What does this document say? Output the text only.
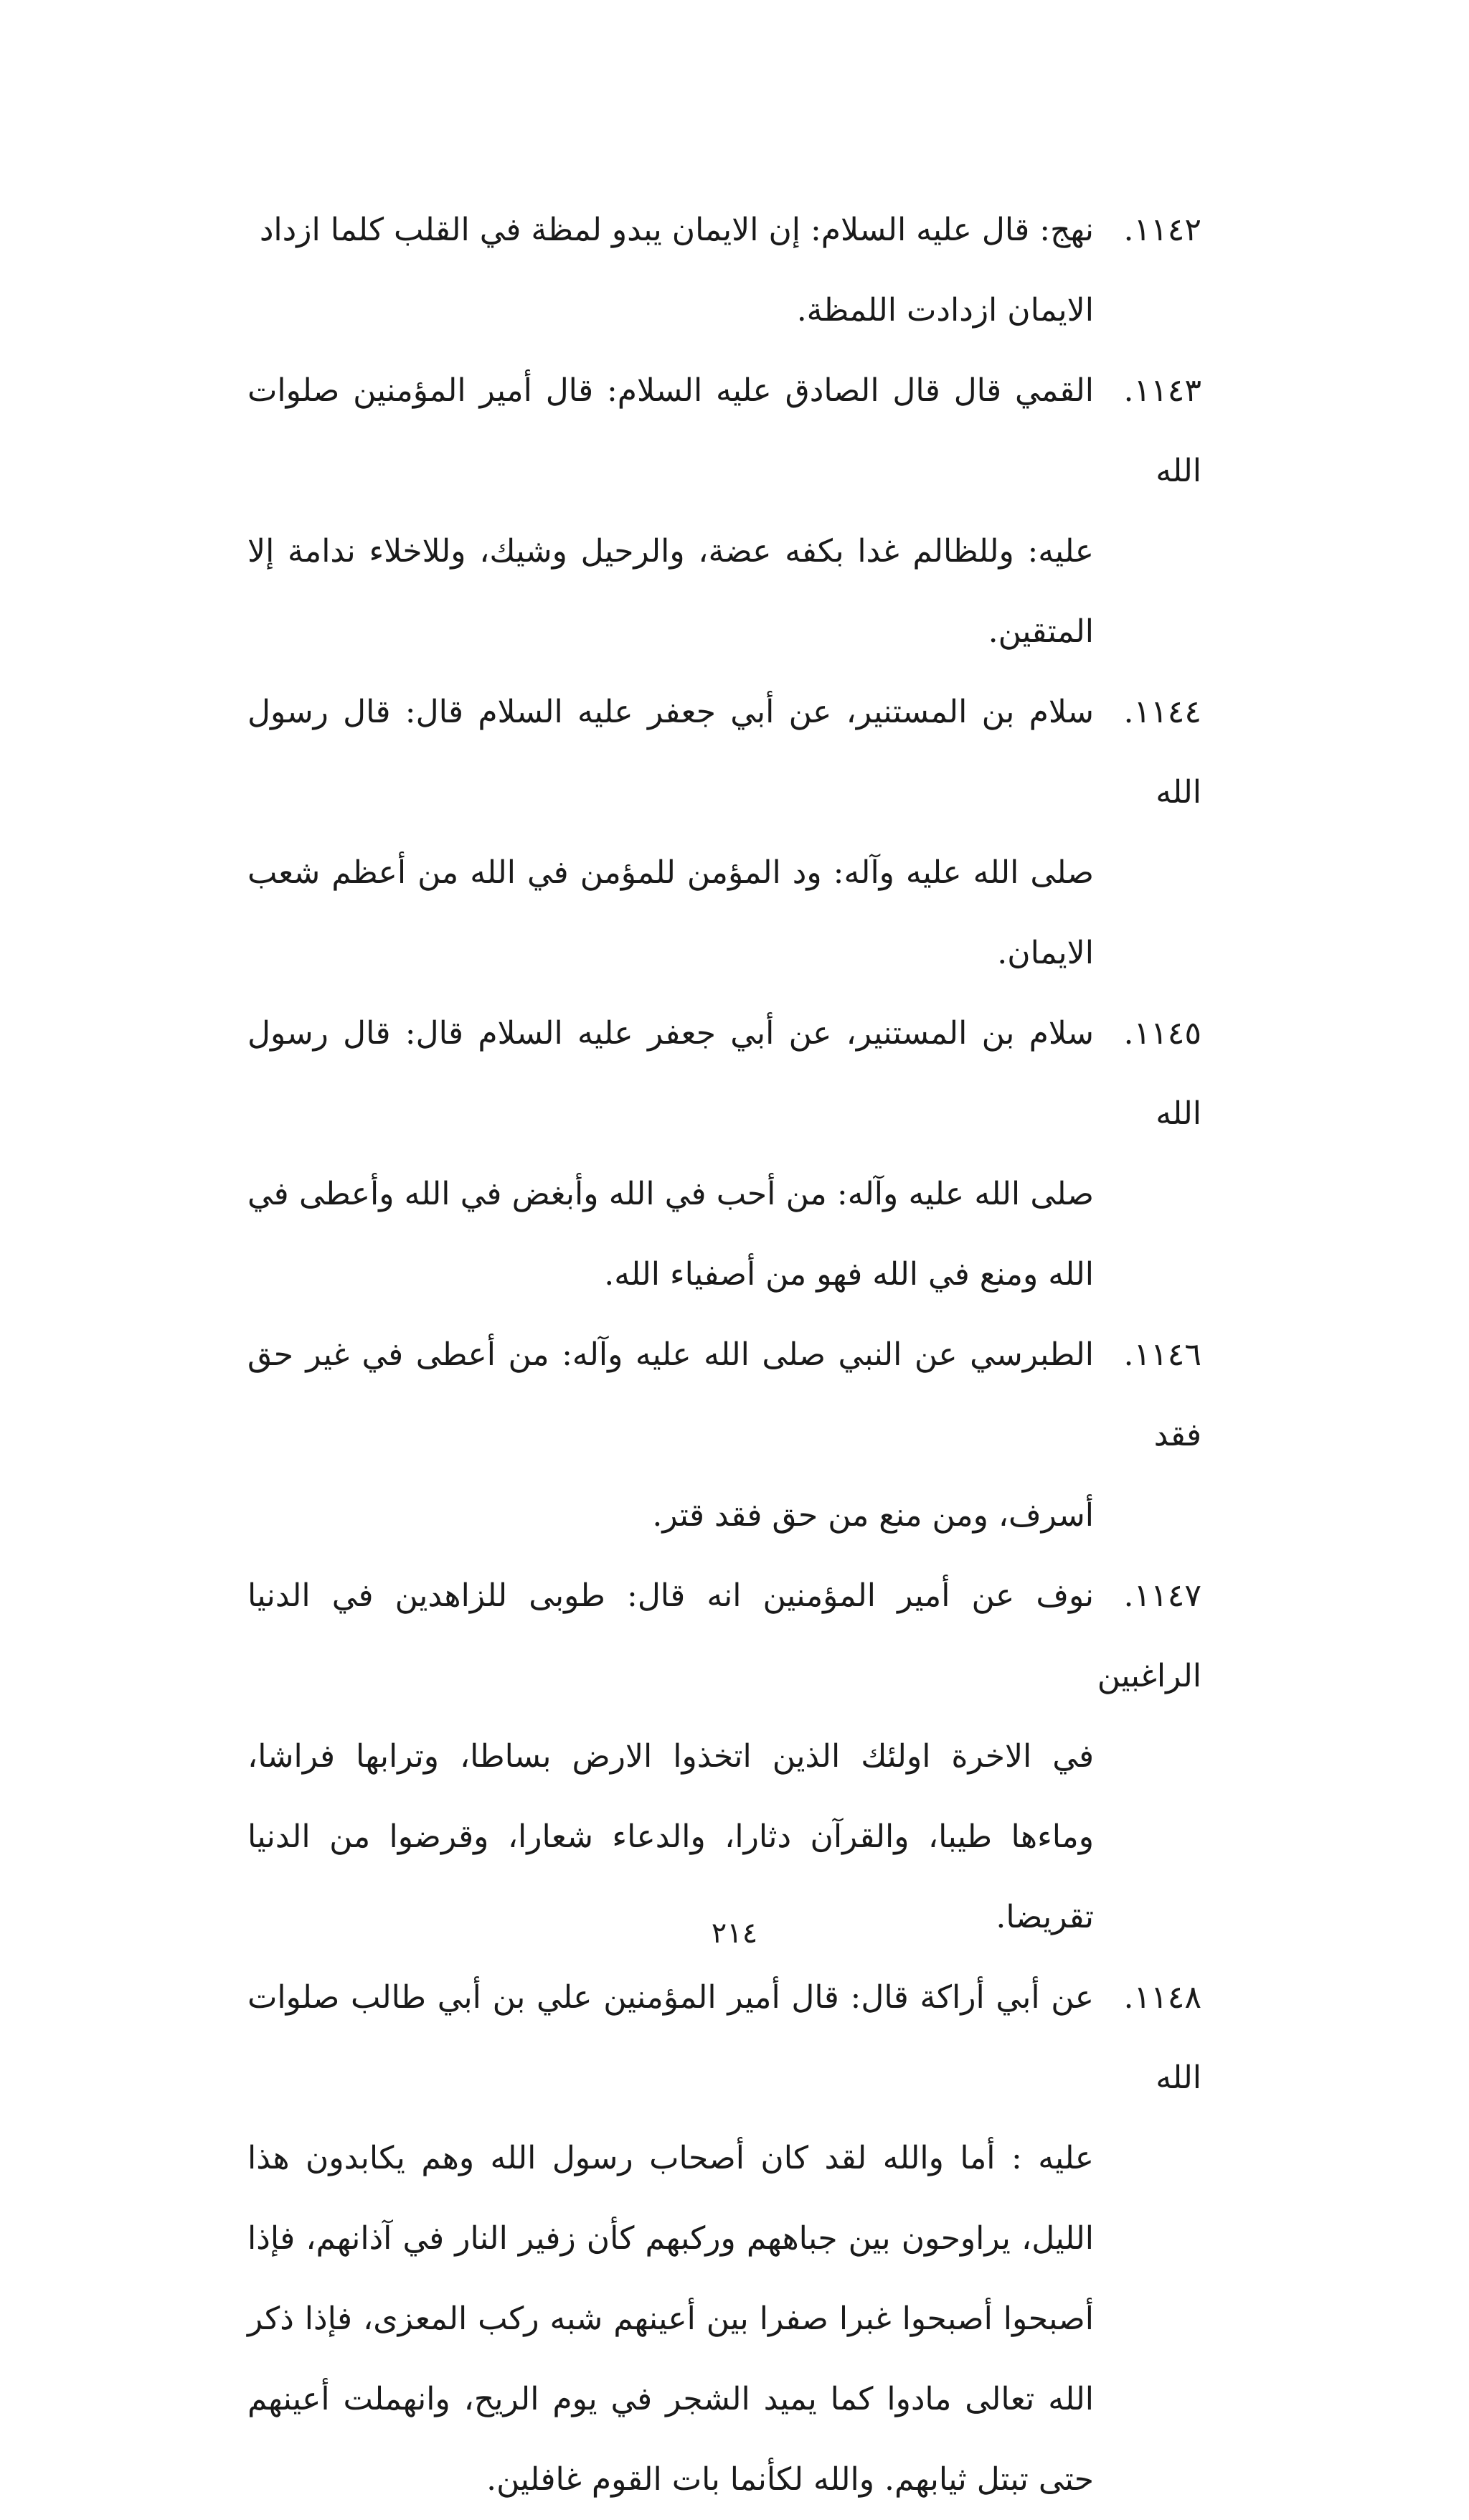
١١٤٢.نهج: قال عليه السلام: إن الايمان يبدو لمظة في القلب كلما ازداد
الايمان ازدادت اللمظة.
١١٤٣.القمي قال قال الصادق عليه السلام: قال أمير المؤمنين صلوات الله
عليه: وللظالم غدا بكفه عضة، والرحيل وشيك، وللاخلاء ندامة إلا المتقين.
١١٤٤.سلام بن المستنير، عن أبي جعفر عليه السلام قال: قال رسول الله
صلى الله عليه وآله: ود المؤمن للمؤمن في الله من أعظم شعب الايمان.
١١٤٥.سلام بن المستنير، عن أبي جعفر عليه السلام قال: قال رسول الله
صلى الله عليه وآله: من أحب في الله وأبغض في الله وأعطى في الله ومنع في الله فهو من أصفياء الله.
١١٤٦.الطبرسي عن النبي صلى الله عليه وآله: من أعطى في غير حق فقد
أسرف، ومن منع من حق فقد قتر.
١١٤٧.نوف عن أمير المؤمنين انه قال: طوبى للزاهدين في الدنيا الراغبين
في الاخرة اولئك الذين اتخذوا الارض بساطا، وترابها فراشا، وماءها طيبا، والقرآن دثارا، والدعاء شعارا، وقرضوا من الدنيا تقريضا.
١١٤٨.عن أبي أراكة قال: قال أمير المؤمنين علي بن أبي طالب صلوات الله
عليه : أما والله لقد كان أصحاب رسول الله وهم يكابدون هذا الليل، يراوحون بين جباههم وركبهم كأن زفير النار في آذانهم، فإذا أصبحوا أصبحوا غبرا صفرا بين أعينهم شبه ركب المعزى، فإذا ذكر الله تعالى مادوا كما يميد الشجر في يوم الريح، وانهملت أعينهم حتى تبتل ثيابهم. والله لكأنما بات القوم غافلين.
٢١٤
